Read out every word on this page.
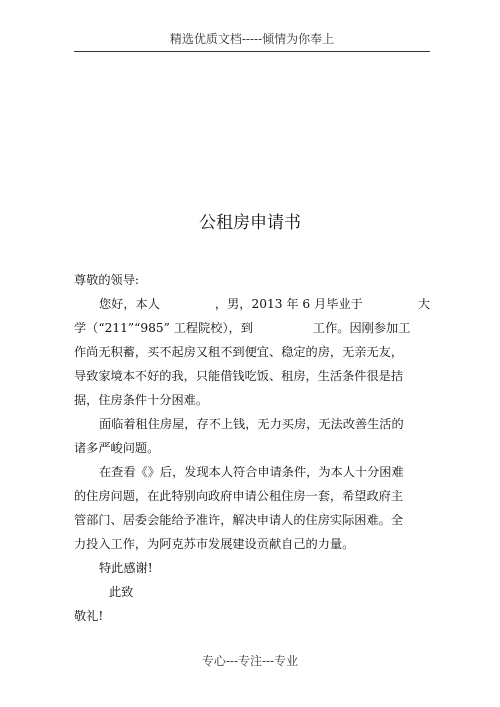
精选优质文档-----倾情为你奉上
公租房申请书
尊敬的领导:
您好，本人	，男，2013 年 6 月毕业于	大
学（“211”“985” 工程院校），到	工作。因刚参加工
作尚无积蓄，买不起房又租不到便宜、稳定的房，无亲无友，
导致家境本不好的我，只能借钱吃饭、租房，生活条件很是拮
据，住房条件十分困难。
面临着租住房屋，存不上钱，无力买房，无法改善生活的
诸多严峻问题。
在查看《》后，发现本人符合申请条件，为本人十分困难
的住房问题，在此特别向政府申请公租住房一套，希望政府主
管部门、居委会能给予准许，解决申请人的住房实际困难。全
力投入工作，为阿克苏市发展建设贡献自己的力量。
特此感谢!
此致
敬礼!
专心---专注---专业
